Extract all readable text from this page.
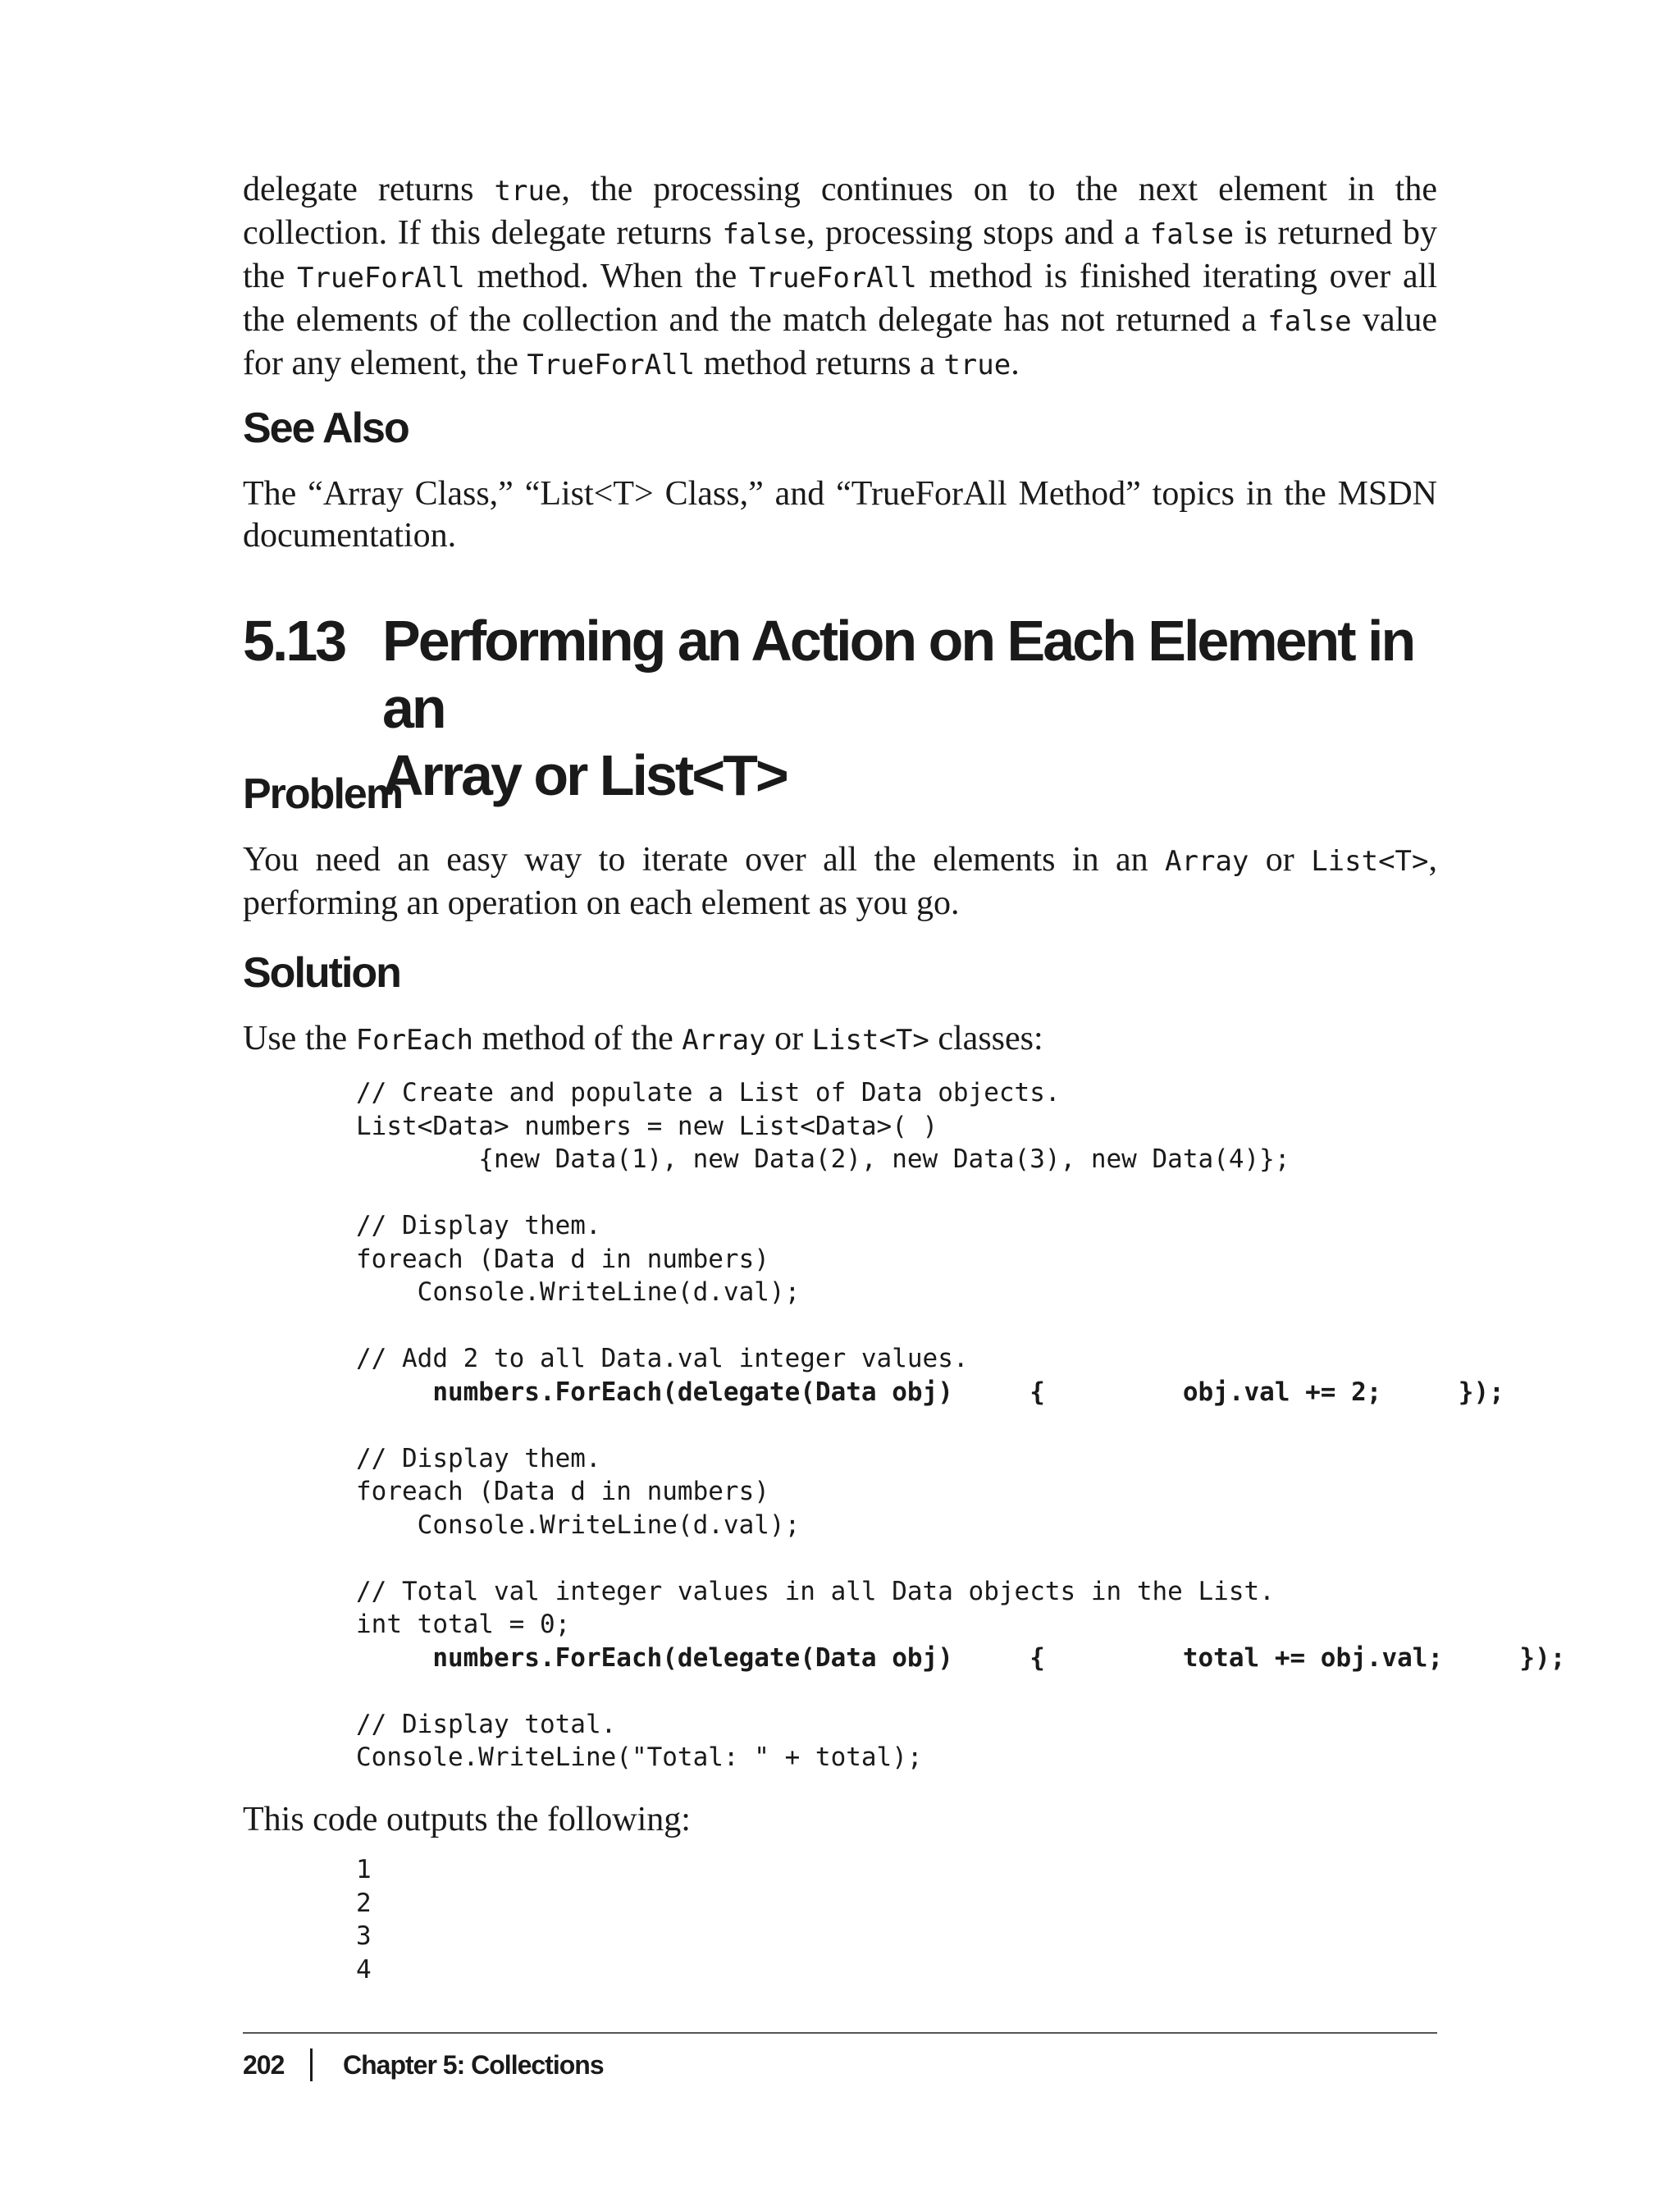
delegate returns true, the processing continues on to the next element in the collection. If this delegate returns false, processing stops and a false is returned by the TrueForAll method. When the TrueForAll method is finished iterating over all the elements of the collection and the match delegate has not returned a false value for any element, the TrueForAll method returns a true.

See Also

The “Array Class,” “List<T> Class,” and “TrueForAll Method” topics in the MSDN documentation.

5.13 Performing an Action on Each Element in an
Array or List<T>
Problem

You need an easy way to iterate over all the elements in an Array or List<T>, performing an operation on each element as you go.

Solution

Use the ForEach method of the Array or List<T> classes:

// Create and populate a List of Data objects.
List<Data> numbers = new List<Data>( )
{new Data(1), new Data(2), new Data(3), new Data(4)};

// Display them.
foreach (Data d in numbers)
Console.WriteLine(d.val);

// Add 2 to all Data.val integer values.
numbers.ForEach(delegate(Data obj)     {         obj.val += 2;     });

// Display them.
foreach (Data d in numbers)
Console.WriteLine(d.val);

// Total val integer values in all Data objects in the List.
int total = 0;
numbers.ForEach(delegate(Data obj)     {         total += obj.val;     });

// Display total.
Console.WriteLine("Total: " + total);

This code outputs the following:

1
2
3
4
202 Chapter 5: Collections
